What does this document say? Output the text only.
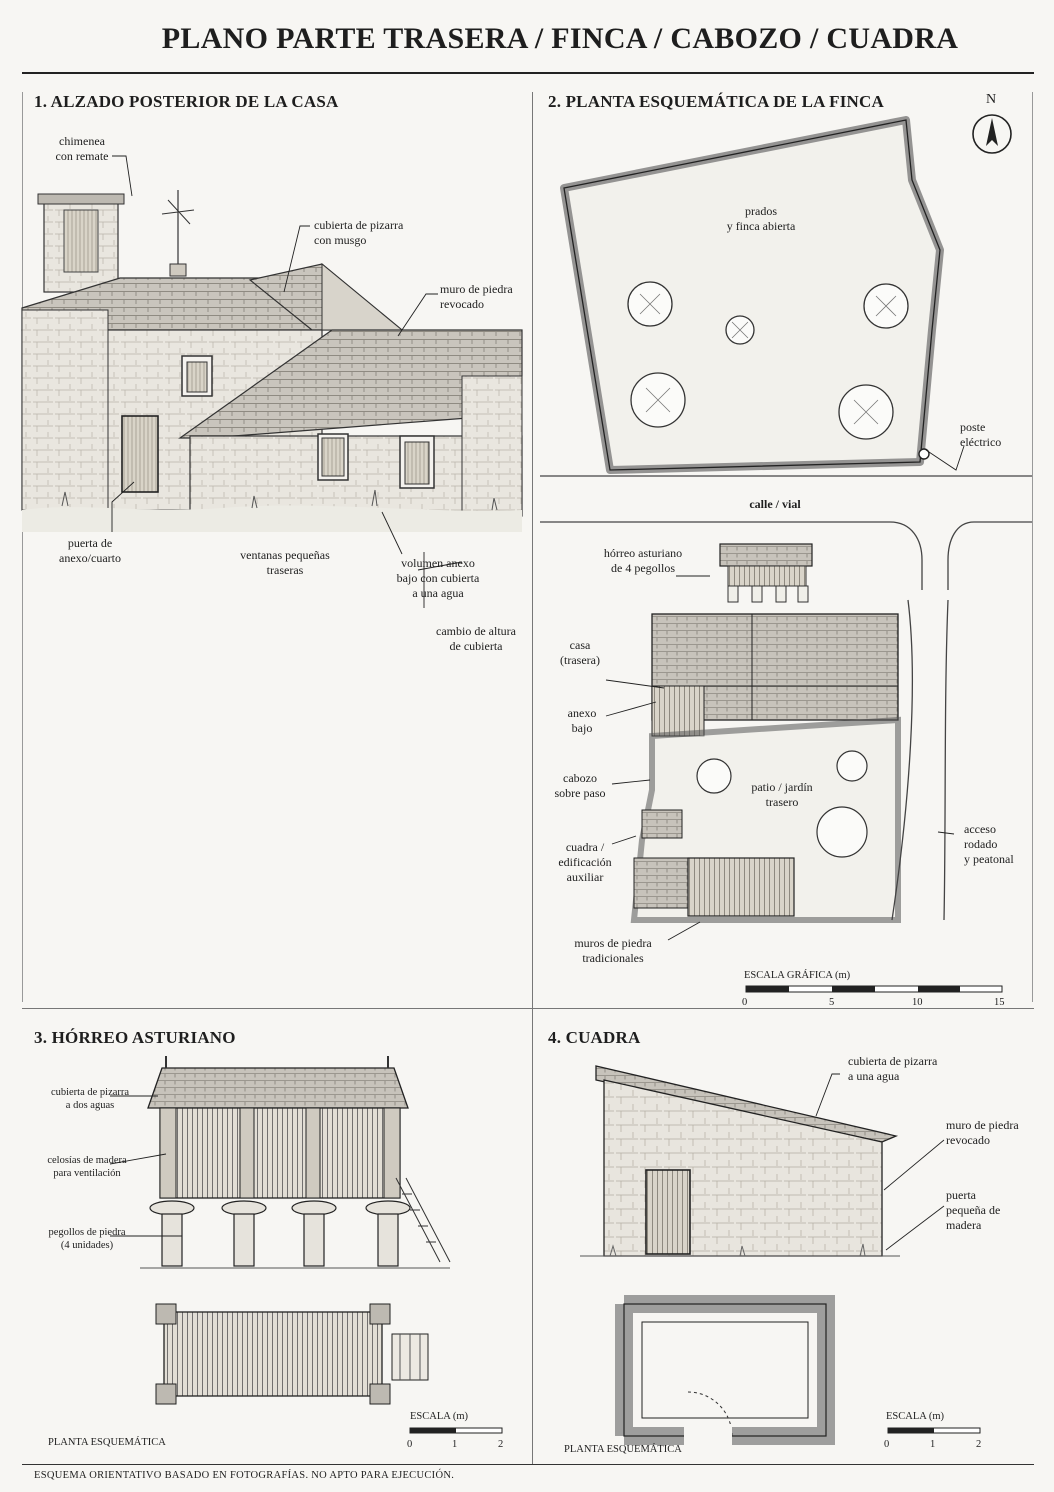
PLANO PARTE TRASERA / FINCA / CABOZO / CUADRA
1. ALZADO POSTERIOR DE LA CASA
chimenea
con remate
cubierta de pizarra
con musgo
muro de piedra
revocado
puerta de
anexo/cuarto	ventanas pequeñas
traseras	volumen anexo
bajo con cubierta
a una agua
cambio de altura
de cubierta
2. PLANTA ESQUEMÁTICA DE LA FINCA	N
prados
y finca abierta
poste
eléctrico
calle / vial
hórreo asturiano
de 4 pegollos
casa
(trasera)
anexo
bajo
cabozo
sobre paso	patio / jardín
trasero
acceso
rodado
y peatonal
cuadra /
edificación
auxiliar
muros de piedra
tradicionales
ESCALA GRÁFICA (m)
0	5	10	15
3. HÓRREO ASTURIANO
cubierta de pizarra
a dos aguas
celosías de madera
para ventilación
pegollos de piedra
(4 unidades)
PLANTA ESQUEMÁTICA
ESCALA (m)
0	1	2
4. CUADRA
cubierta de pizarra
a una agua
muro de piedra
revocado
puerta
pequeña de
madera
PLANTA ESQUEMÁTICA
ESCALA (m)
0	1	2
ESQUEMA ORIENTATIVO BASADO EN FOTOGRAFÍAS. NO APTO PARA EJECUCIÓN.
